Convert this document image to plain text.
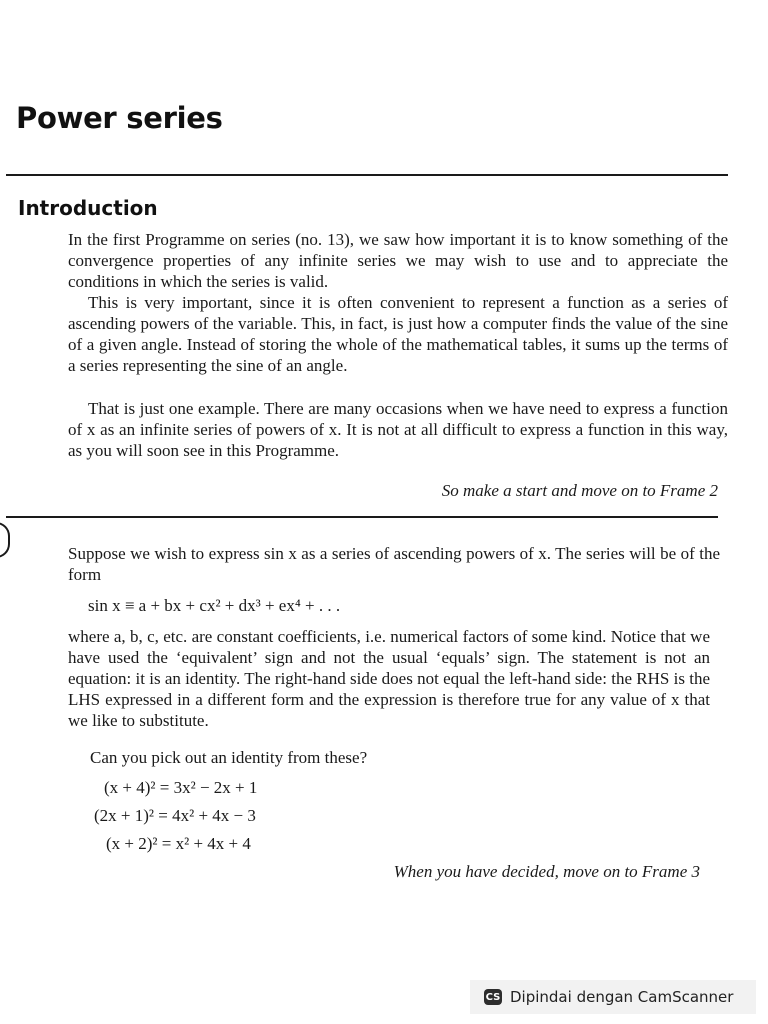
Power series
Introduction

In the first Programme on series (no. 13), we saw how important it is to know something of the convergence properties of any infinite series we may wish to use and to appreciate the conditions in which the series is valid.

This is very important, since it is often convenient to represent a function as a series of ascending powers of the variable. This, in fact, is just how a computer finds the value of the sine of a given angle. Instead of storing the whole of the mathematical tables, it sums up the terms of a series representing the sine of an angle.

That is just one example. There are many occasions when we have need to express a function of x as an infinite series of powers of x. It is not at all difficult to express a function in this way, as you will soon see in this Programme.

So make a start and move on to Frame 2

Suppose we wish to express sin x as a series of ascending powers of x. The series will be of the form

sin x ≡ a + bx + cx² + dx³ + ex⁴ + . . .

where a, b, c, etc. are constant coefficients, i.e. numerical factors of some kind. Notice that we have used the ‘equivalent’ sign and not the usual ‘equals’ sign. The statement is not an equation: it is an identity. The right-hand side does not equal the left-hand side: the RHS is the LHS expressed in a different form and the expression is therefore true for any value of x that we like to substitute.

Can you pick out an identity from these?

(x + 4)² = 3x² − 2x + 1
(2x + 1)² = 4x² + 4x − 3
(x + 2)² = x² + 4x + 4
When you have decided, move on to Frame 3
CS Dipindai dengan CamScanner
